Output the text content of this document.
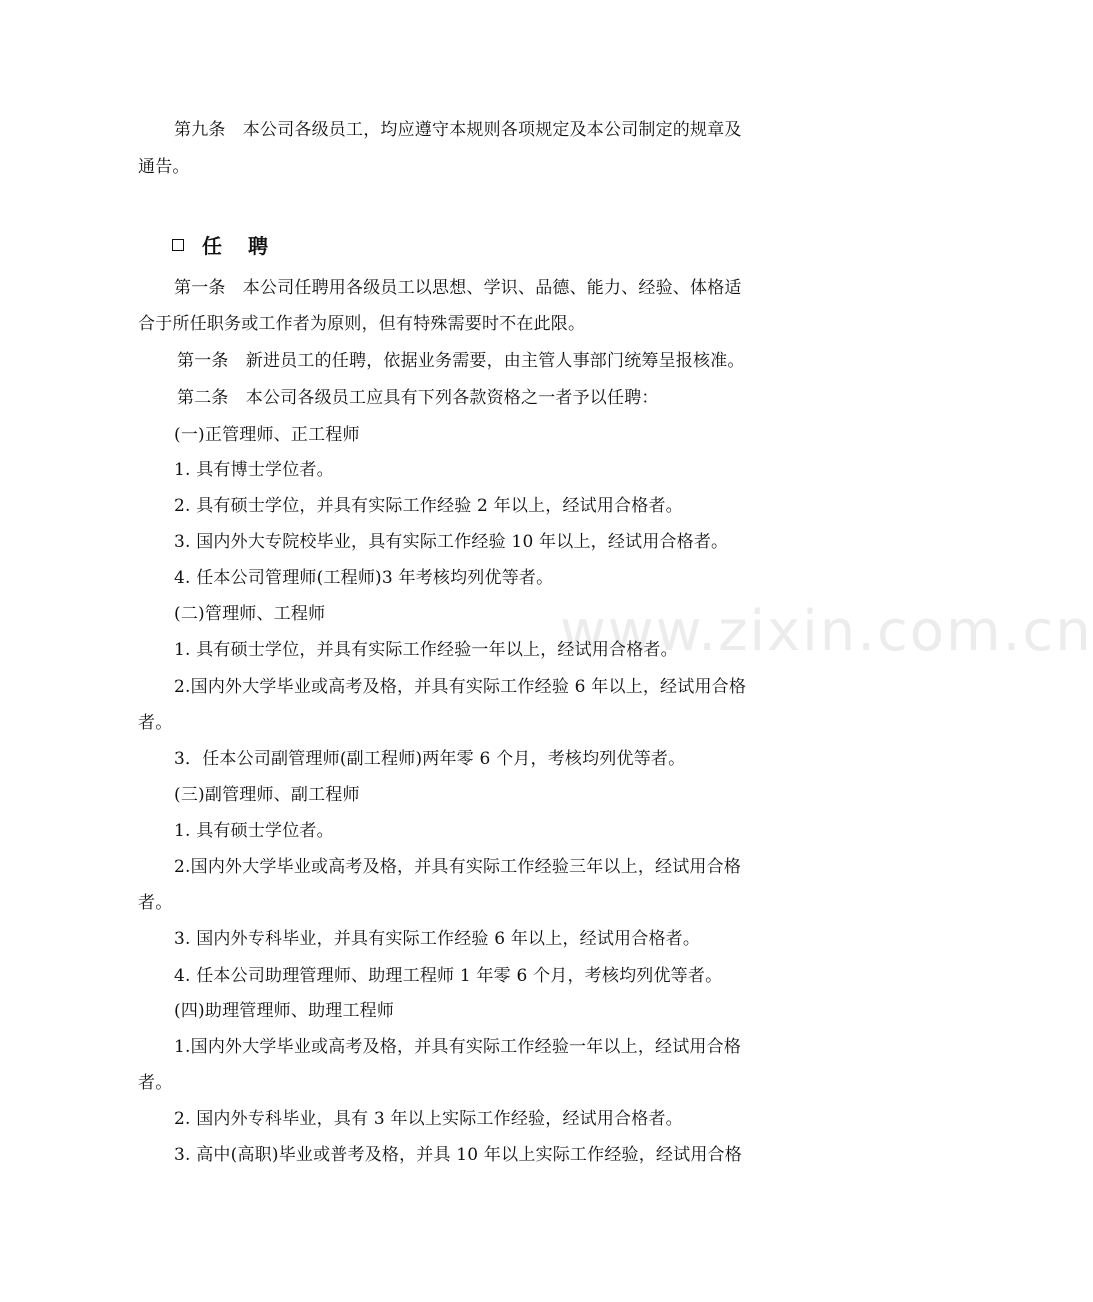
www.zixin.com.cn
第九条　本公司各级员工，均应遵守本规则各项规定及本公司制定的规章及
通告。
任聘
第一条　本公司任聘用各级员工以思想、学识、品德、能力、经验、体格适
合于所任职务或工作者为原则，但有特殊需要时不在此限。
第一条　新进员工的任聘，依据业务需要，由主管人事部门统筹呈报核准。
第二条　本公司各级员工应具有下列各款资格之一者予以任聘：
(一)正管理师、正工程师
1. 具有博士学位者。
2. 具有硕士学位，并具有实际工作经验 2 年以上，经试用合格者。
3. 国内外大专院校毕业，具有实际工作经验 10 年以上，经试用合格者。
4. 任本公司管理师(工程师)3 年考核均列优等者。
(二)管理师、工程师
1. 具有硕士学位，并具有实际工作经验一年以上，经试用合格者。
2.国内外大学毕业或高考及格，并具有实际工作经验 6 年以上，经试用合格
者。
3．任本公司副管理师(副工程师)两年零 6 个月，考核均列优等者。
(三)副管理师、副工程师
1. 具有硕士学位者。
2.国内外大学毕业或高考及格，并具有实际工作经验三年以上，经试用合格
者。
3. 国内外专科毕业，并具有实际工作经验 6 年以上，经试用合格者。
4. 任本公司助理管理师、助理工程师 1 年零 6 个月，考核均列优等者。
(四)助理管理师、助理工程师
1.国内外大学毕业或高考及格，并具有实际工作经验一年以上，经试用合格
者。
2. 国内外专科毕业，具有 3 年以上实际工作经验，经试用合格者。
3. 高中(高职)毕业或普考及格，并具 10 年以上实际工作经验，经试用合格
